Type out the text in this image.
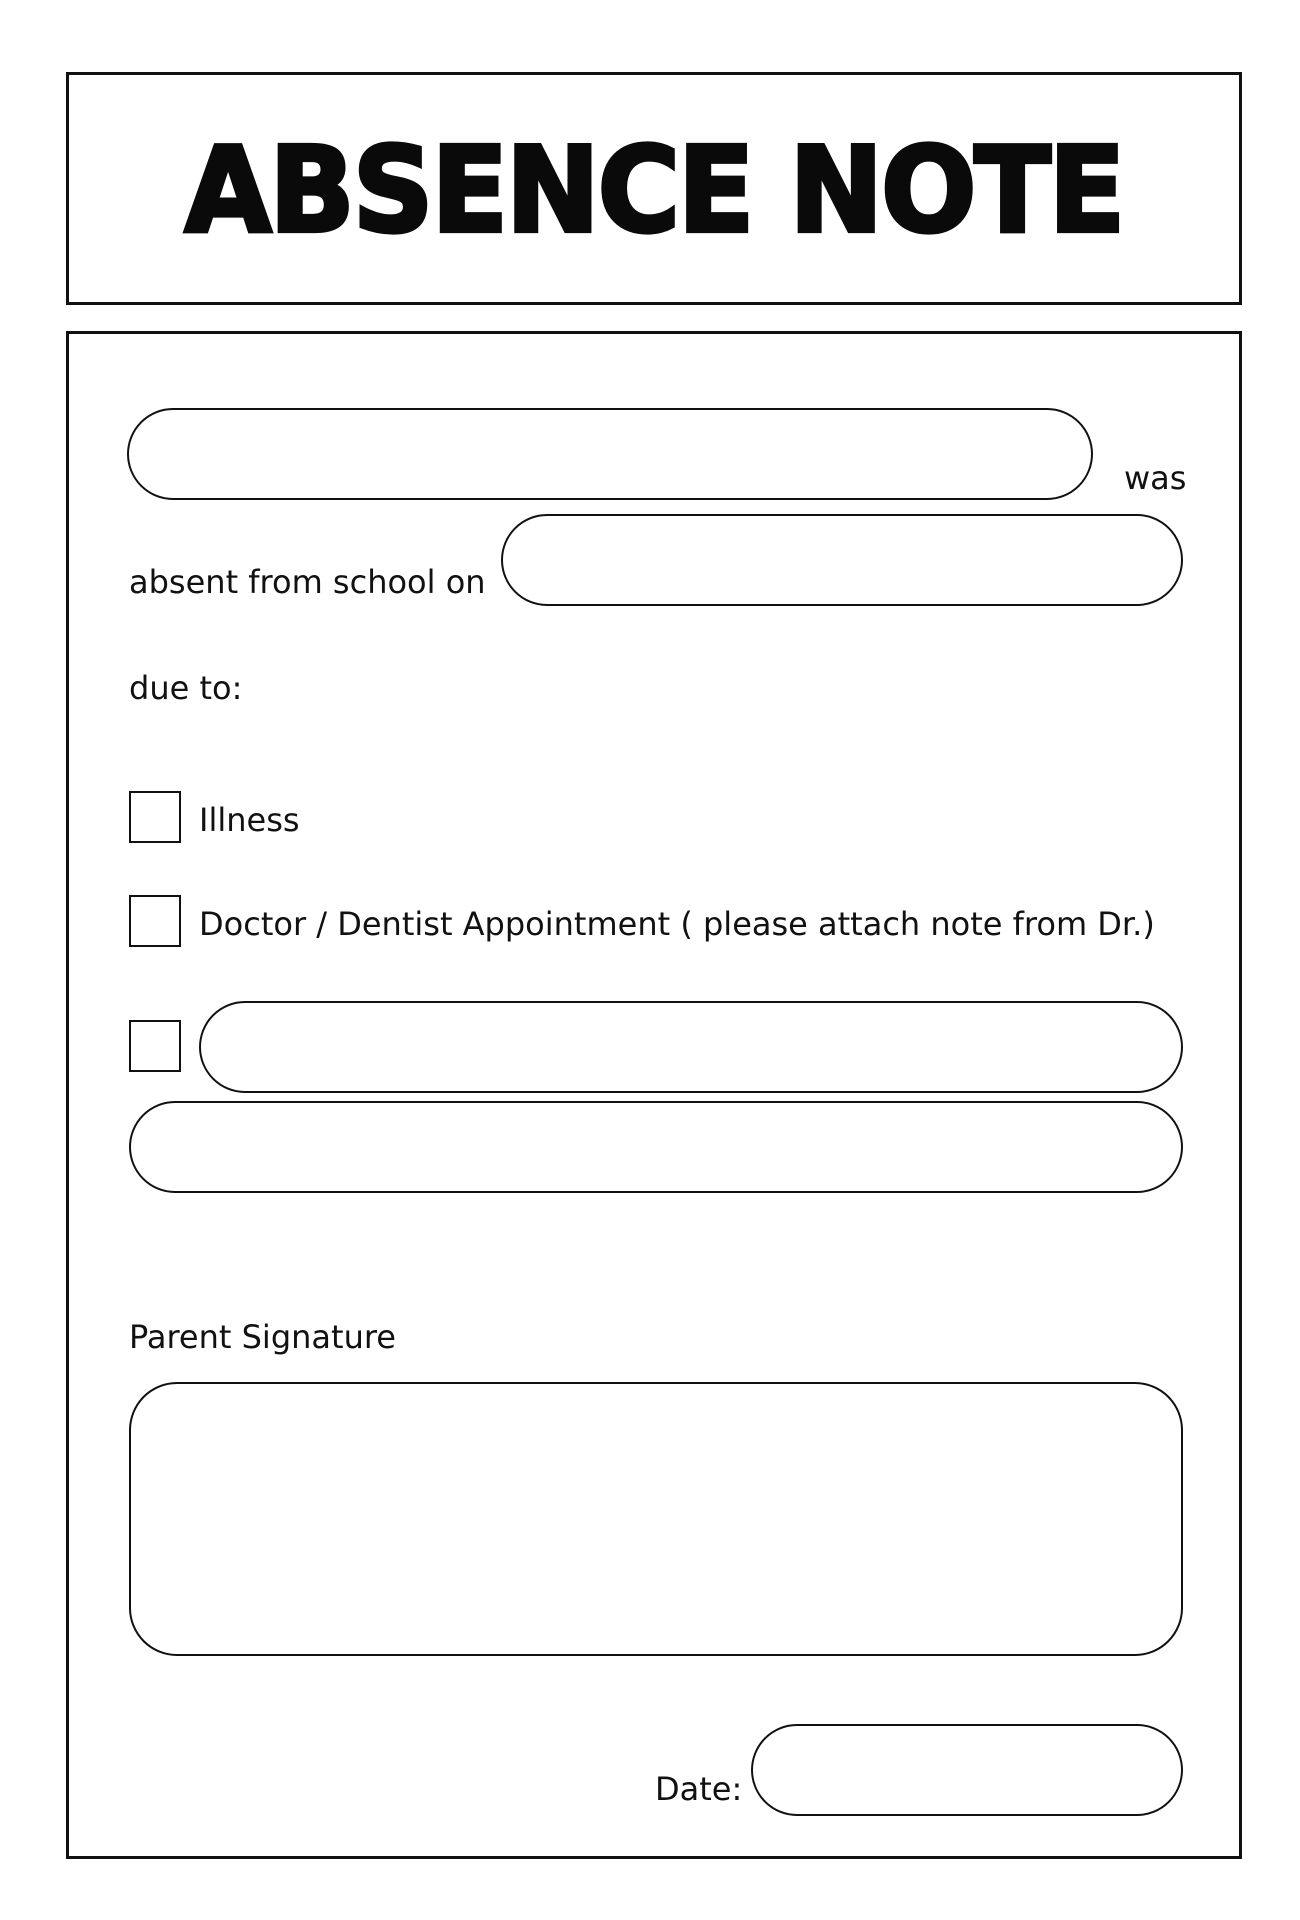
ABSENCE NOTE
was
absent from school on
due to:
Illness
Doctor / Dentist Appointment ( please attach note from Dr.)
Parent Signature
Date:
